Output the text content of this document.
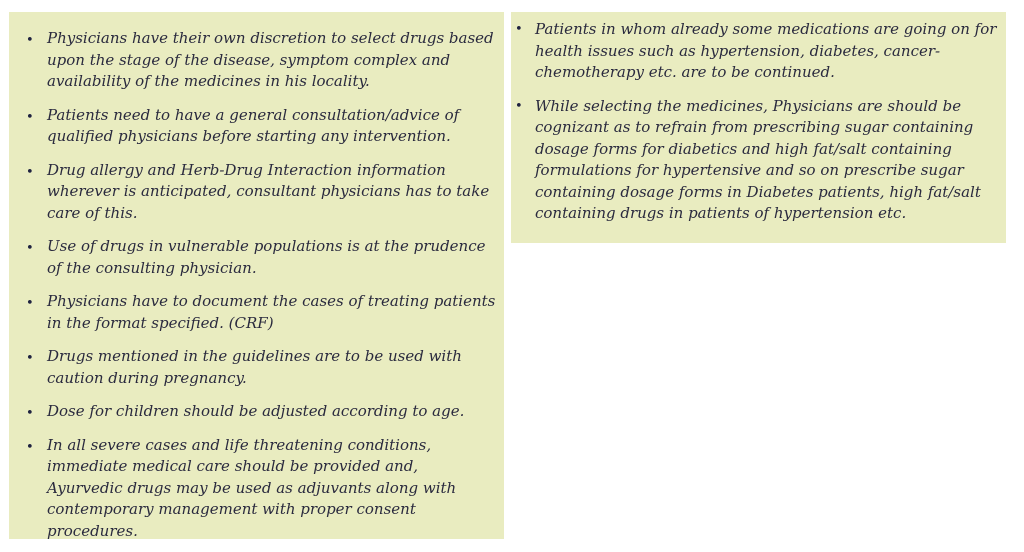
• Physicians have their own discretion to select drugs based upon the stage of the disease, symptom complex and availability of the medicines in his locality.
• Patients need to have a general consultation/advice of qualified physicians before starting any intervention.
• Drug allergy and Herb-Drug Interaction information wherever is anticipated, consultant physicians has to take care of this.
• Use of drugs in vulnerable populations is at the prudence of the consulting physician.
• Physicians have to document the cases of treating patients in the format specified. (CRF)
• Drugs mentioned in the guidelines are to be used with caution during pregnancy.
• Dose for children should be adjusted according to age.
• In all severe cases and life threatening conditions, immediate medical care should be provided and, Ayurvedic drugs may be used as adjuvants along with contemporary management with proper consent procedures.
• Patients in whom already some medications are going on for health issues such as hypertension, diabetes, cancer-chemotherapy etc. are to be continued.
• While selecting the medicines, Physicians are should be cognizant as to refrain from prescribing sugar containing dosage forms for diabetics and high fat/salt containing formulations for hypertensive and so on prescribe sugar containing dosage forms in Diabetes patients, high fat/salt containing drugs in patients of hypertension etc.
